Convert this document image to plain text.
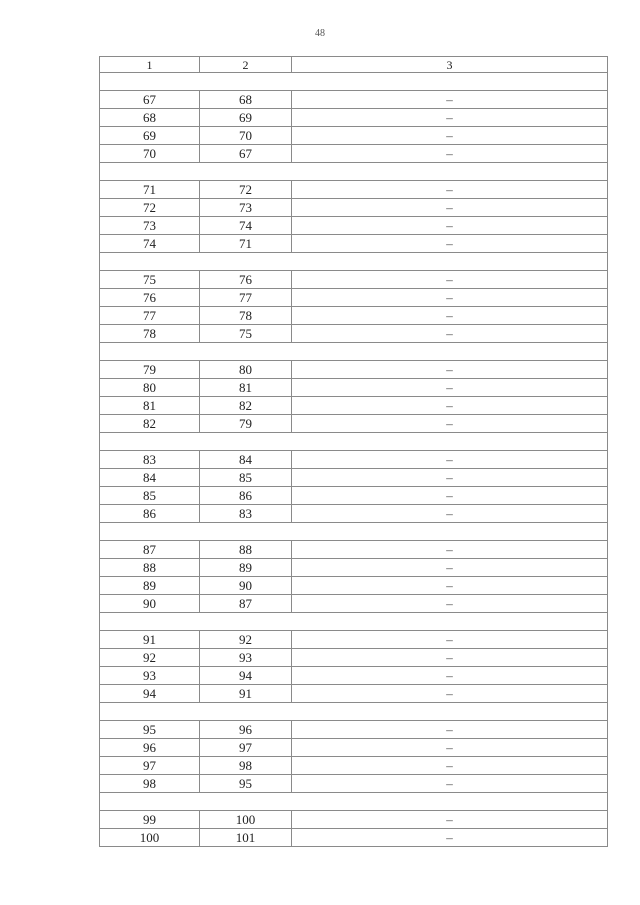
48
1	2	3
67	68	–
68	69	–
69	70	–
70	67	–
71	72	–
72	73	–
73	74	–
74	71	–
75	76	–
76	77	–
77	78	–
78	75	–
79	80	–
80	81	–
81	82	–
82	79	–
83	84	–
84	85	–
85	86	–
86	83	–
87	88	–
88	89	–
89	90	–
90	87	–
91	92	–
92	93	–
93	94	–
94	91	–
95	96	–
96	97	–
97	98	–
98	95	–
99	100	–
100	101	–
